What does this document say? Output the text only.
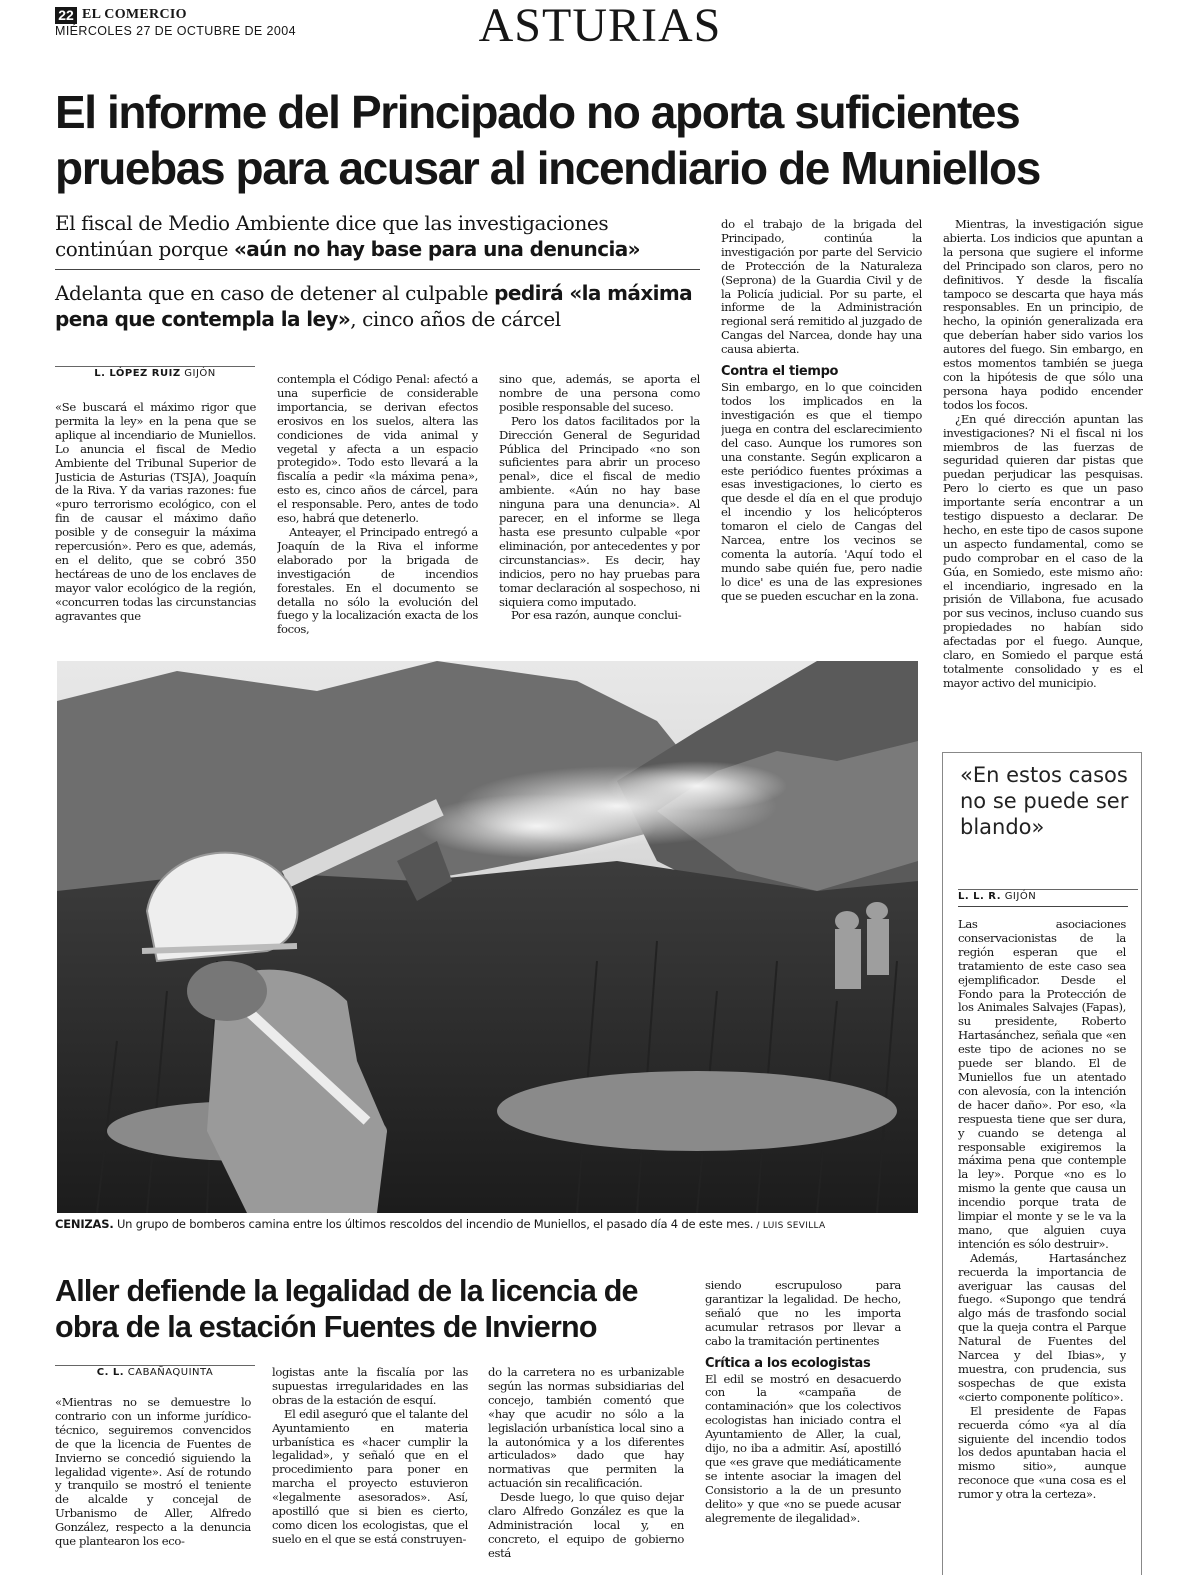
22 EL COMERCIO
MIÉRCOLES 27 DE OCTUBRE DE 2004	ASTURIAS
El informe del Principado no aporta suficientes pruebas para acusar al incendiario de Muniellos
El fiscal de Medio Ambiente dice que las investigaciones continúan porque «aún no hay base para una denuncia»
Adelanta que en caso de detener al culpable pedirá «la máxima pena que contempla la ley», cinco años de cárcel
L. LÓPEZ RUIZ GIJÓN

«Se buscará el máximo rigor que permita la ley» en la pena que se aplique al incendiario de Muniellos. Lo anuncia el fiscal de Medio Ambiente del Tribunal Superior de Justicia de Asturias (TSJA), Joaquín de la Riva. Y da varias razones: fue «puro terrorismo ecológico, con el fin de causar el máximo daño posible y de conseguir la máxima repercusión». Pero es que, además, en el delito, que se cobró 350 hectáreas de uno de los enclaves de mayor valor ecológico de la región, «concurren todas las circunstancias agravantes que

contempla el Código Penal: afectó a una superficie de considerable importancia, se derivan efectos erosivos en los suelos, altera las condiciones de vida animal y vegetal y afecta a un espacio protegido». Todo esto llevará a la fiscalía a pedir «la máxima pena», esto es, cinco años de cárcel, para el responsable. Pero, antes de todo eso, habrá que detenerlo.

Anteayer, el Principado entregó a Joaquín de la Riva el informe elaborado por la brigada de investigación de incendios forestales. En el documento se detalla no sólo la evolución del fuego y la localización exacta de los focos,

sino que, además, se aporta el nombre de una persona como posible responsable del suceso.

Pero los datos facilitados por la Dirección General de Seguridad Pública del Principado «no son suficientes para abrir un proceso penal», dice el fiscal de medio ambiente. «Aún no hay base ninguna para una denuncia». Al parecer, en el informe se llega hasta ese presunto culpable «por eliminación, por antecedentes y por circunstancias». Es decir, hay indicios, pero no hay pruebas para tomar declaración al sospechoso, ni siquiera como imputado.

Por esa razón, aunque conclui-

do el trabajo de la brigada del Principado, continúa la investigación por parte del Servicio de Protección de la Naturaleza (Seprona) de la Guardia Civil y de la Policía judicial. Por su parte, el informe de la Administración regional será remitido al juzgado de Cangas del Narcea, donde hay una causa abierta.

Contra el tiempo

Sin embargo, en lo que coinciden todos los implicados en la investigación es que el tiempo juega en contra del esclarecimiento del caso. Aunque los rumores son una constante. Según explicaron a este periódico fuentes próximas a esas investigaciones, lo cierto es que desde el día en el que produjo el incendio y los helicópteros tomaron el cielo de Cangas del Narcea, entre los vecinos se comenta la autoría. 'Aquí todo el mundo sabe quién fue, pero nadie lo dice' es una de las expresiones que se pueden escuchar en la zona.

Mientras, la investigación sigue abierta. Los indicios que apuntan a la persona que sugiere el informe del Principado son claros, pero no definitivos. Y desde la fiscalía tampoco se descarta que haya más responsables. En un principio, de hecho, la opinión generalizada era que deberían haber sido varios los autores del fuego. Sin embargo, en estos momentos también se juega con la hipótesis de que sólo una persona haya podido encender todos los focos.

¿En qué dirección apuntan las investigaciones? Ni el fiscal ni los miembros de las fuerzas de seguridad quieren dar pistas que puedan perjudicar las pesquisas. Pero lo cierto es que un paso importante sería encontrar a un testigo dispuesto a declarar. De hecho, en este tipo de casos supone un aspecto fundamental, como se pudo comprobar en el caso de la Gúa, en Somiedo, este mismo año: el incendiario, ingresado en la prisión de Villabona, fue acusado por sus vecinos, incluso cuando sus propiedades no habían sido afectadas por el fuego. Aunque, claro, en Somiedo el parque está totalmente consolidado y es el mayor activo del municipio.

CENIZAS. Un grupo de bomberos camina entre los últimos rescoldos del incendio de Muniellos, el pasado día 4 de este mes. / LUIS SEVILLA
«En estos casos no se puede ser blando»
L. L. R. GIJÓN

Las asociaciones conservacionistas de la región esperan que el tratamiento de este caso sea ejemplificador. Desde el Fondo para la Protección de los Animales Salvajes (Fapas), su presidente, Roberto Hartasánchez, señala que «en este tipo de aciones no se puede ser blando. El de Muniellos fue un atentado con alevosía, con la intención de hacer daño». Por eso, «la respuesta tiene que ser dura, y cuando se detenga al responsable exigiremos la máxima pena que contemple la ley». Porque «no es lo mismo la gente que causa un incendio porque trata de limpiar el monte y se le va la mano, que alguien cuya intención es sólo destruir».

Además, Hartasánchez recuerda la importancia de averiguar las causas del fuego. «Supongo que tendrá algo más de trasfondo social que la queja contra el Parque Natural de Fuentes del Narcea y del Ibias», y muestra, con prudencia, sus sospechas de que exista «cierto componente político».

El presidente de Fapas recuerda cómo «ya al día siguiente del incendio todos los dedos apuntaban hacia el mismo sitio», aunque reconoce que «una cosa es el rumor y otra la certeza».

Aller defiende la legalidad de la licencia de obra de la estación Fuentes de Invierno
C. L. CABAÑAQUINTA

«Mientras no se demuestre lo contrario con un informe jurídico-técnico, seguiremos convencidos de que la licencia de Fuentes de Invierno se concedió siguiendo la legalidad vigente». Así de rotundo y tranquilo se mostró el teniente de alcalde y concejal de Urbanismo de Aller, Alfredo González, respecto a la denuncia que plantearon los eco-

logistas ante la fiscalía por las supuestas irregularidades en las obras de la estación de esquí.

El edil aseguró que el talante del Ayuntamiento en materia urbanística es «hacer cumplir la legalidad», y señaló que en el procedimiento para poner en marcha el proyecto estuvieron «legalmente asesorados». Así, apostilló que si bien es cierto, como dicen los ecologistas, que el suelo en el que se está construyen-

do la carretera no es urbanizable según las normas subsidiarias del concejo, también comentó que «hay que acudir no sólo a la legislación urbanística local sino a la autonómica y a los diferentes articulados» dado que hay normativas que permiten la actuación sin recalificación.

Desde luego, lo que quiso dejar claro Alfredo González es que la Administración local y, en concreto, el equipo de gobierno está

siendo escrupuloso para garantizar la legalidad. De hecho, señaló que no les importa acumular retrasos por llevar a cabo la tramitación pertinentes

Crítica a los ecologistas

El edil se mostró en desacuerdo con la «campaña de contaminación» que los colectivos ecologistas han iniciado contra el Ayuntamiento de Aller, la cual, dijo, no iba a admitir. Así, apostilló que «es grave que mediáticamente se intente asociar la imagen del Consistorio a la de un presunto delito» y que «no se puede acusar alegremente de ilegalidad».
